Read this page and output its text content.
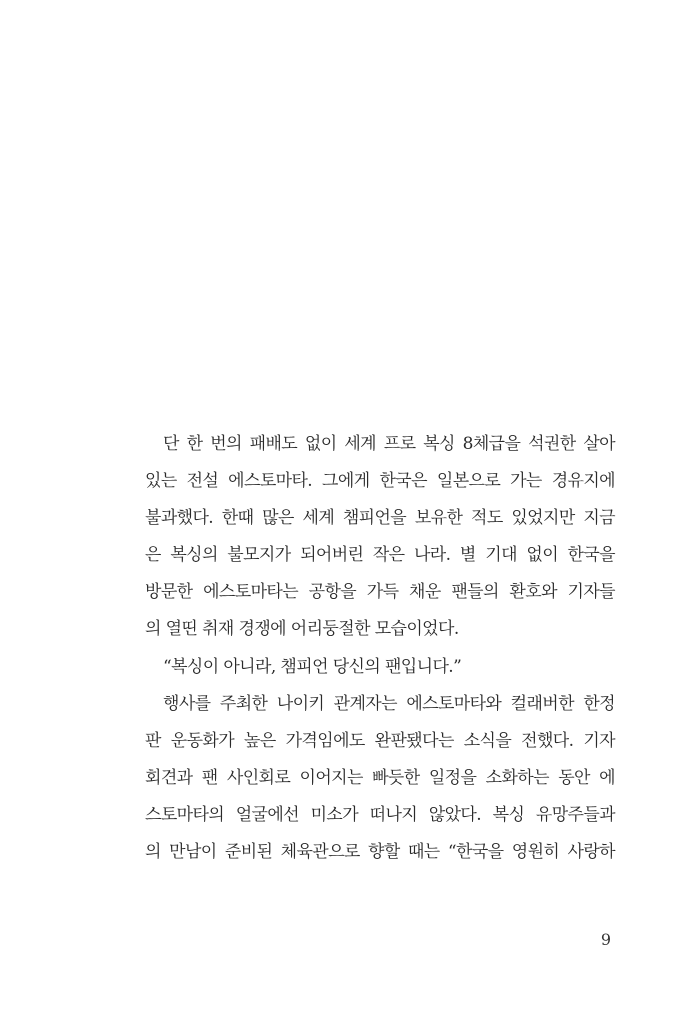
단 한 번의 패배도 없이 세계 프로 복싱 8체급을 석권한 살아
있는 전설 에스토마타. 그에게 한국은 일본으로 가는 경유지에
불과했다. 한때 많은 세계 챔피언을 보유한 적도 있었지만 지금
은 복싱의 불모지가 되어버린 작은 나라. 별 기대 없이 한국을
방문한 에스토마타는 공항을 가득 채운 팬들의 환호와 기자들
의 열띤 취재 경쟁에 어리둥절한 모습이었다.
“복싱이 아니라, 챔피언 당신의 팬입니다.”
행사를 주최한 나이키 관계자는 에스토마타와 컬래버한 한정
판 운동화가 높은 가격임에도 완판됐다는 소식을 전했다. 기자
회견과 팬 사인회로 이어지는 빠듯한 일정을 소화하는 동안 에
스토마타의 얼굴에선 미소가 떠나지 않았다. 복싱 유망주들과
의 만남이 준비된 체육관으로 향할 때는 “한국을 영원히 사랑하
9
